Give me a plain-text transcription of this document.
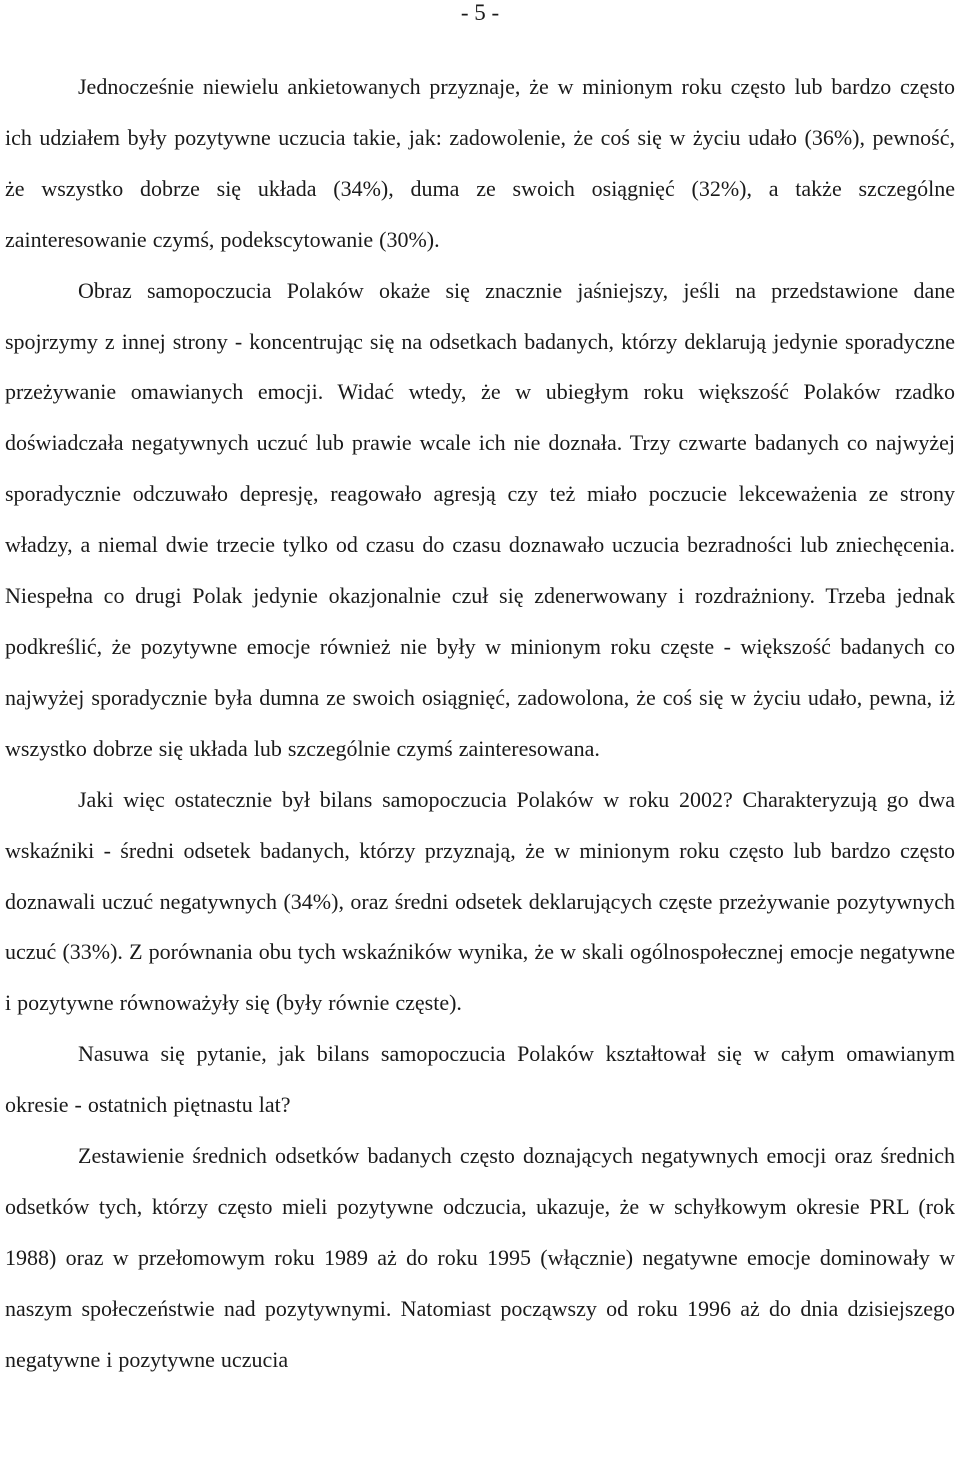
- 5 -

Jednocześnie niewielu ankietowanych przyznaje, że w minionym roku często lub bardzo często ich udziałem były pozytywne uczucia takie, jak: zadowolenie, że coś się w życiu udało (36%), pewność, że wszystko dobrze się układa (34%), duma ze swoich osiągnięć (32%), a także szczególne zainteresowanie czymś, podekscytowanie (30%).

Obraz samopoczucia Polaków okaże się znacznie jaśniejszy, jeśli na przedstawione dane spojrzymy z innej strony - koncentrując się na odsetkach badanych, którzy deklarują jedynie sporadyczne przeżywanie omawianych emocji. Widać wtedy, że w ubiegłym roku większość Polaków rzadko doświadczała negatywnych uczuć lub prawie wcale ich nie doznała. Trzy czwarte badanych co najwyżej sporadycznie odczuwało depresję, reagowało agresją czy też miało poczucie lekceważenia ze strony władzy, a niemal dwie trzecie tylko od czasu do czasu doznawało uczucia bezradności lub zniechęcenia. Niespełna co drugi Polak jedynie okazjonalnie czuł się zdenerwowany i rozdrażniony. Trzeba jednak podkreślić, że pozytywne emocje również nie były w minionym roku częste - większość badanych co najwyżej sporadycznie była dumna ze swoich osiągnięć, zadowolona, że coś się w życiu udało, pewna, iż wszystko dobrze się układa lub szczególnie czymś zainteresowana.

Jaki więc ostatecznie był bilans samopoczucia Polaków w roku 2002? Charakteryzują go dwa wskaźniki - średni odsetek badanych, którzy przyznają, że w minionym roku często lub bardzo często doznawali uczuć negatywnych (34%), oraz średni odsetek deklarujących częste przeżywanie pozytywnych uczuć (33%). Z porównania obu tych wskaźników wynika, że w skali ogólnospołecznej emocje negatywne i pozytywne równoważyły się (były równie częste).

Nasuwa się pytanie, jak bilans samopoczucia Polaków kształtował się w całym omawianym okresie - ostatnich piętnastu lat?

Zestawienie średnich odsetków badanych często doznających negatywnych emocji oraz średnich odsetków tych, którzy często mieli pozytywne odczucia, ukazuje, że w schyłkowym okresie PRL (rok 1988) oraz w przełomowym roku 1989 aż do roku 1995 (włącznie) negatywne emocje dominowały w naszym społeczeństwie nad pozytywnymi. Natomiast począwszy od roku 1996 aż do dnia dzisiejszego negatywne i pozytywne uczucia
